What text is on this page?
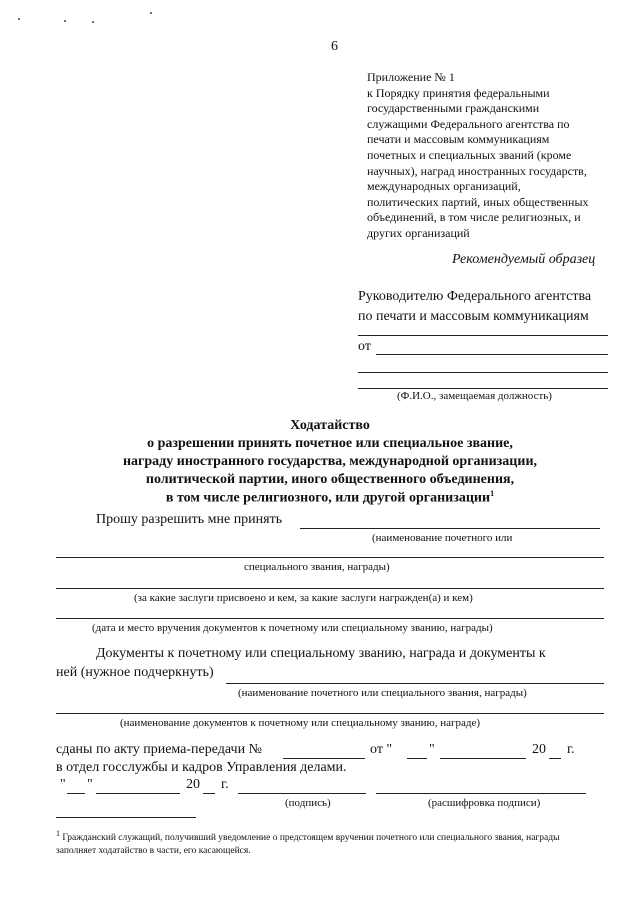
6
Приложение № 1
к Порядку принятия федеральными
государственными гражданскими
служащими Федерального агентства по
печати и массовым коммуникациям
почетных и специальных званий (кроме
научных), наград иностранных государств,
международных организаций,
политических партий, иных общественных
объединений, в том числе религиозных, и
других организаций
Рекомендуемый образец
Руководителю Федерального агентства
по печати и массовым коммуникациям
от
(Ф.И.О., замещаемая должность)
Ходатайство
о разрешении принять почетное или специальное звание,
награду иностранного государства, международной организации,
политической партии, иного общественного объединения,
в том числе религиозного, или другой организации$^1$
Прошу разрешить мне принять
(наименование почетного или
специального звания, награды)
(за какие заслуги присвоено и кем, за какие заслуги награжден(а) и кем)
(дата и место вручения документов к почетному или специальному званию, награды)
Документы к почетному или специальному званию, награда и документы к
ней (нужное подчеркнуть)
(наименование почетного или специального звания, награды)
(наименование документов к почетному или специальному званию, награде)
сданы по акту приема-передачи №	от "	"	20 г.
в отдел госслужбы и кадров Управления делами.
" "	20 г.
(подпись)	(расшифровка подписи)
$^1$ Гражданский служащий, получивший уведомление о предстоящем вручении почетного или специального звания, награды заполняет ходатайство в части, его касающейся.
